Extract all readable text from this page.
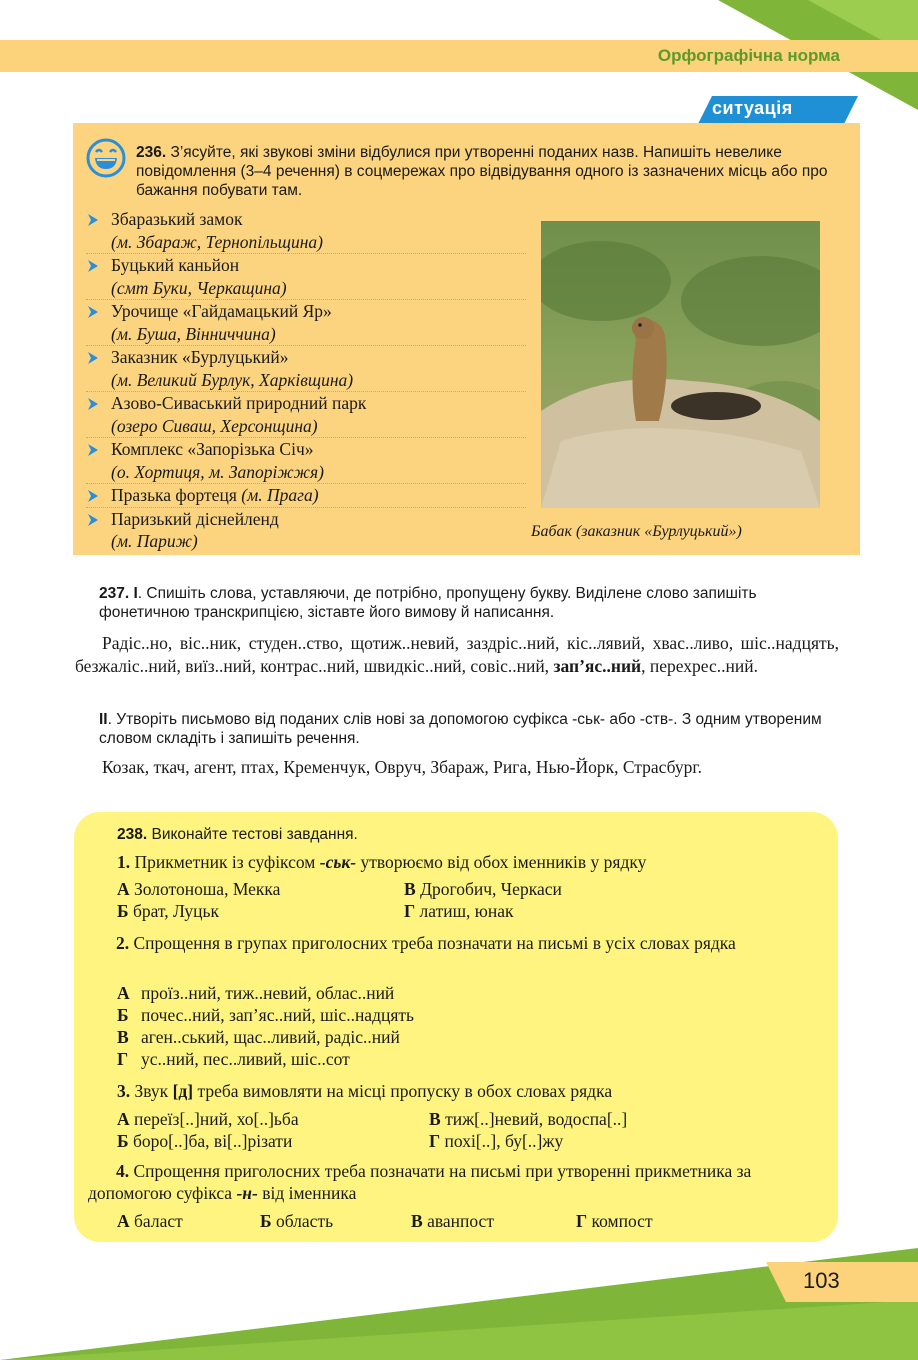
Орфографічна норма
ситуація
236. З’ясуйте, які звукові зміни відбулися при утворенні поданих назв. Напишіть невелике повідомлення (3–4 речення) в соцмережах про відвідування одного із зазначених місць або про бажання побувати там.
Збаразький замок
(м. Збараж, Тернопільщина)
Буцький каньйон
(смт Буки, Черкащина)
Урочище «Гайдамацький Яр»
(м. Буша, Вінниччина)
Заказник «Бурлуцький»
(м. Великий Бурлук, Харківщина)
Азово-Сиваський природний парк
(озеро Сиваш, Херсонщина)
Комплекс «Запорізька Січ»
(о. Хортиця, м. Запоріжжя)
Празька фортеця (м. Прага)
Паризький діснейленд
(м. Париж)	Бабак (заказник «Бурлуцький»)
237. I. Спишіть слова, уставляючи, де потрібно, пропущену букву. Виділене слово запишіть фонетичною транскрипцією, зіставте його вимову й написання.
Радіс..но, віс..ник, студен..ство, щотиж..невий, заздріс..ний, кіс..лявий, хвас..ливо, шіс..надцять, безжаліс..ний, виїз..ний, контрас..ний, швидкіс..ний, совіс..ний, зап’яс..ний, перехрес..ний.
II. Утворіть письмово від поданих слів нові за допомогою суфікса -ськ- або -ств-. З одним утвореним словом складіть і запишіть речення.
Козак, ткач, агент, птах, Кременчук, Овруч, Збараж, Рига, Нью-Йорк, Страсбург.
238. Виконайте тестові завдання.
1. Прикметник із суфіксом -ськ- утворюємо від обох іменників у рядку
А Золотоноша, Мекка	В Дрогобич, Черкаси
Б брат, Луцьк	Г латиш, юнак
2. Спрощення в групах приголосних треба позначати на письмі в усіх словах рядка
А проїз..ний, тиж..невий, облас..ний
Б почес..ний, зап’яс..ний, шіс..надцять
В аген..ський, щас..ливий, радіс..ний
Г ус..ний, пес..ливий, шіс..сот
3. Звук [д] треба вимовляти на місці пропуску в обох словах рядка
А переїз[..]ний, хо[..]ьба	В тиж[..]невий, водоспа[..]
Б боро[..]ба, ві[..]різати	Г похі[..], бу[..]жу
4. Спрощення приголосних треба позначати на письмі при утворенні прикметника за допомогою суфікса -н- від іменника
А баласт	Б область	В аванпост	Г компост
103
